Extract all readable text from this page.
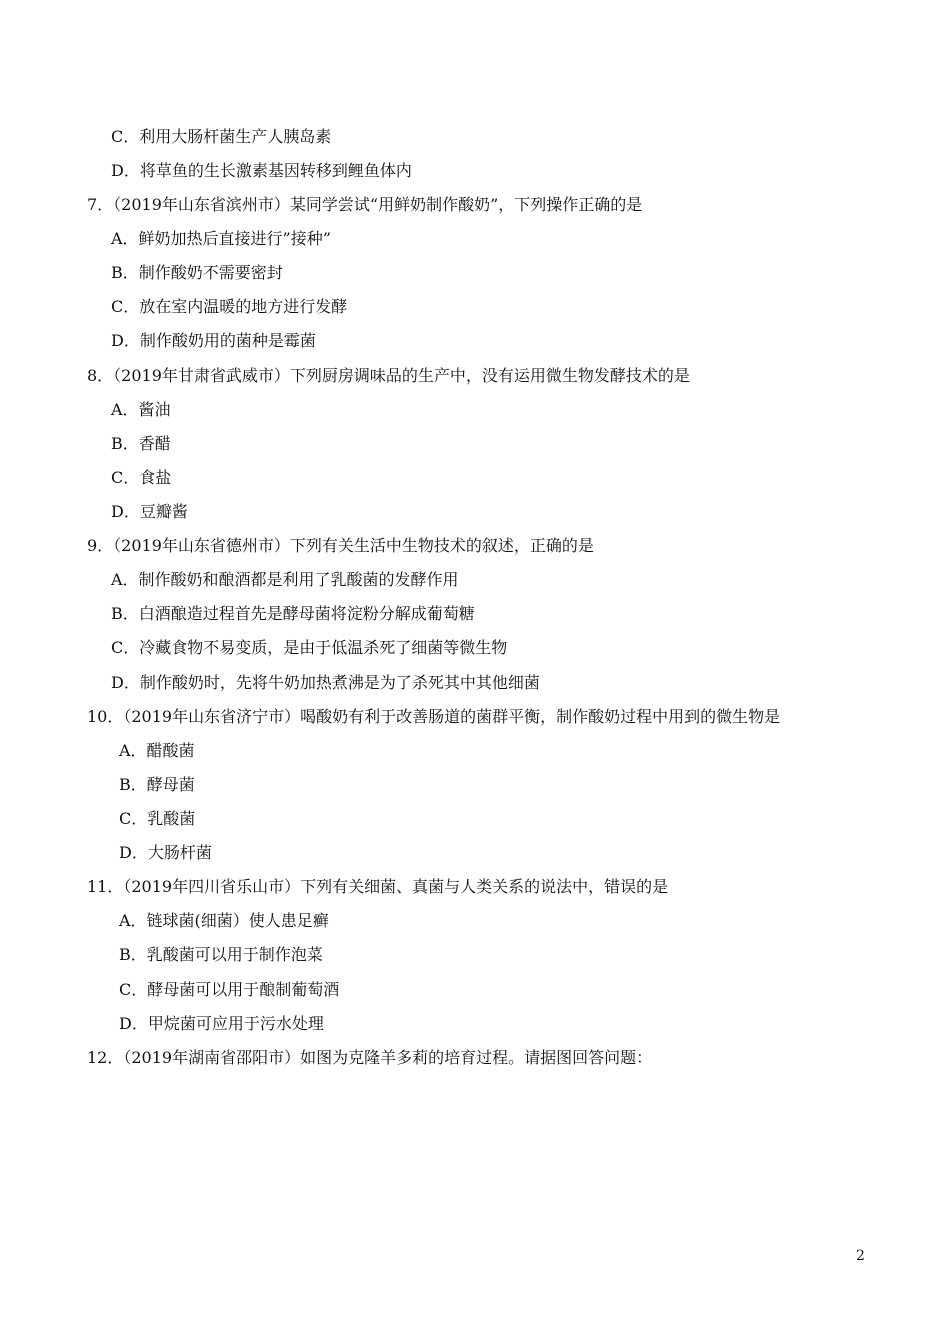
C．利用大肠杆菌生产人胰岛素
D．将草鱼的生长激素基因转移到鲤鱼体内
7．（2019年山东省滨州市）某同学尝试“用鲜奶制作酸奶”，下列操作正确的是
A．鲜奶加热后直接进行”接种”
B．制作酸奶不需要密封
C．放在室内温暖的地方进行发酵
D．制作酸奶用的菌种是霉菌
8．（2019年甘肃省武威市）下列厨房调味品的生产中，没有运用微生物发酵技术的是
A．酱油
B．香醋
C．食盐
D．豆瓣酱
9．（2019年山东省德州市）下列有关生活中生物技术的叙述，正确的是
A．制作酸奶和酿酒都是利用了乳酸菌的发酵作用
B．白酒酿造过程首先是酵母菌将淀粉分解成葡萄糖
C．冷藏食物不易变质，是由于低温杀死了细菌等微生物
D．制作酸奶时，先将牛奶加热煮沸是为了杀死其中其他细菌
10．（2019年山东省济宁市）喝酸奶有利于改善肠道的菌群平衡，制作酸奶过程中用到的微生物是
A．醋酸菌
B．酵母菌
C．乳酸菌
D．大肠杆菌
11．（2019年四川省乐山市）下列有关细菌、真菌与人类关系的说法中，错误的是
A．链球菌(细菌）使人患足癣
B．乳酸菌可以用于制作泡菜
C．酵母菌可以用于酿制葡萄酒
D．甲烷菌可应用于污水处理
12．（2019年湖南省邵阳市）如图为克隆羊多莉的培育过程。请据图回答问题：
2
